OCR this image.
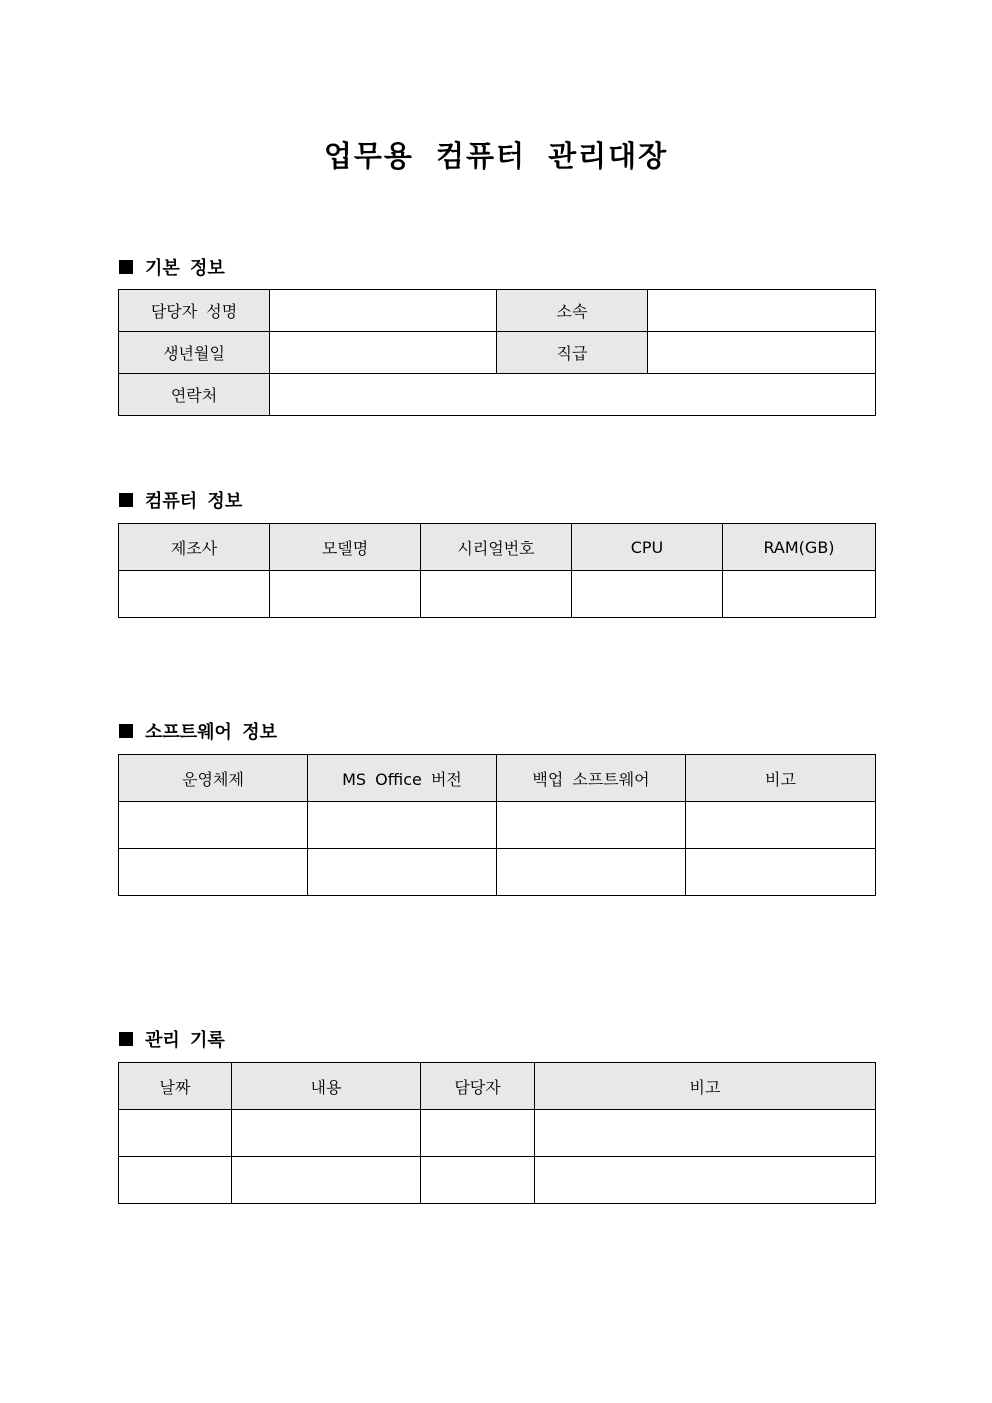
업무용 컴퓨터 관리대장
기본 정보
담당자 성명		소속	
생년월일		직급	
연락처			
컴퓨터 정보
제조사	모델명	시리얼번호	CPU	RAM(GB)

소프트웨어 정보
운영체제	MS Office 버전	백업 소프트웨어	비고

관리 기록
날짜	내용	담당자	비고
